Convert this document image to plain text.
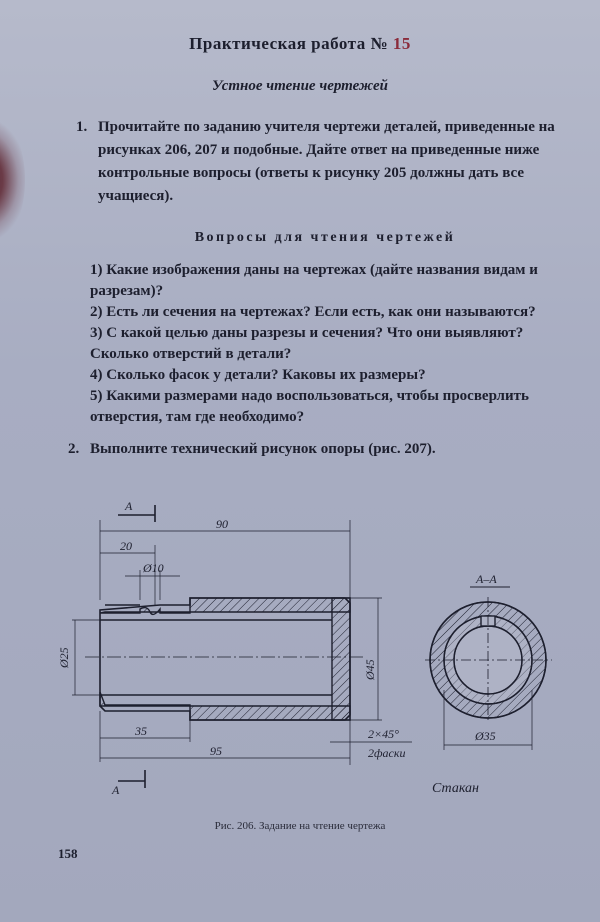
Практическая работа № 15
Устное чтение чертежей
1. Прочитайте по заданию учителя чертежи деталей, приведенные на рисунках 206, 207 и подобные. Дайте ответ на приведенные ниже контрольные вопросы (ответы к рисунку 205 должны дать все учащиеся).
Вопросы для чтения чертежей

1) Какие изображения даны на чертежах (дайте названия видам и разрезам)?

2) Есть ли сечения на чертежах? Если есть, как они называются?

3) С какой целью даны разрезы и сечения? Что они выявляют? Сколько отверстий в детали?

4) Сколько фасок у детали? Каковы их размеры?

5) Какими размерами надо воспользоваться, чтобы просверлить отверстия, там где необходимо?

2. Выполните технический рисунок опоры (рис. 207).
A
A
90
20
Ø10
Ø25
Ø45
35
95
2×45°
2фаски
А–А
Ø35
Стакан
Рис. 206. Задание на чтение чертежа
158
